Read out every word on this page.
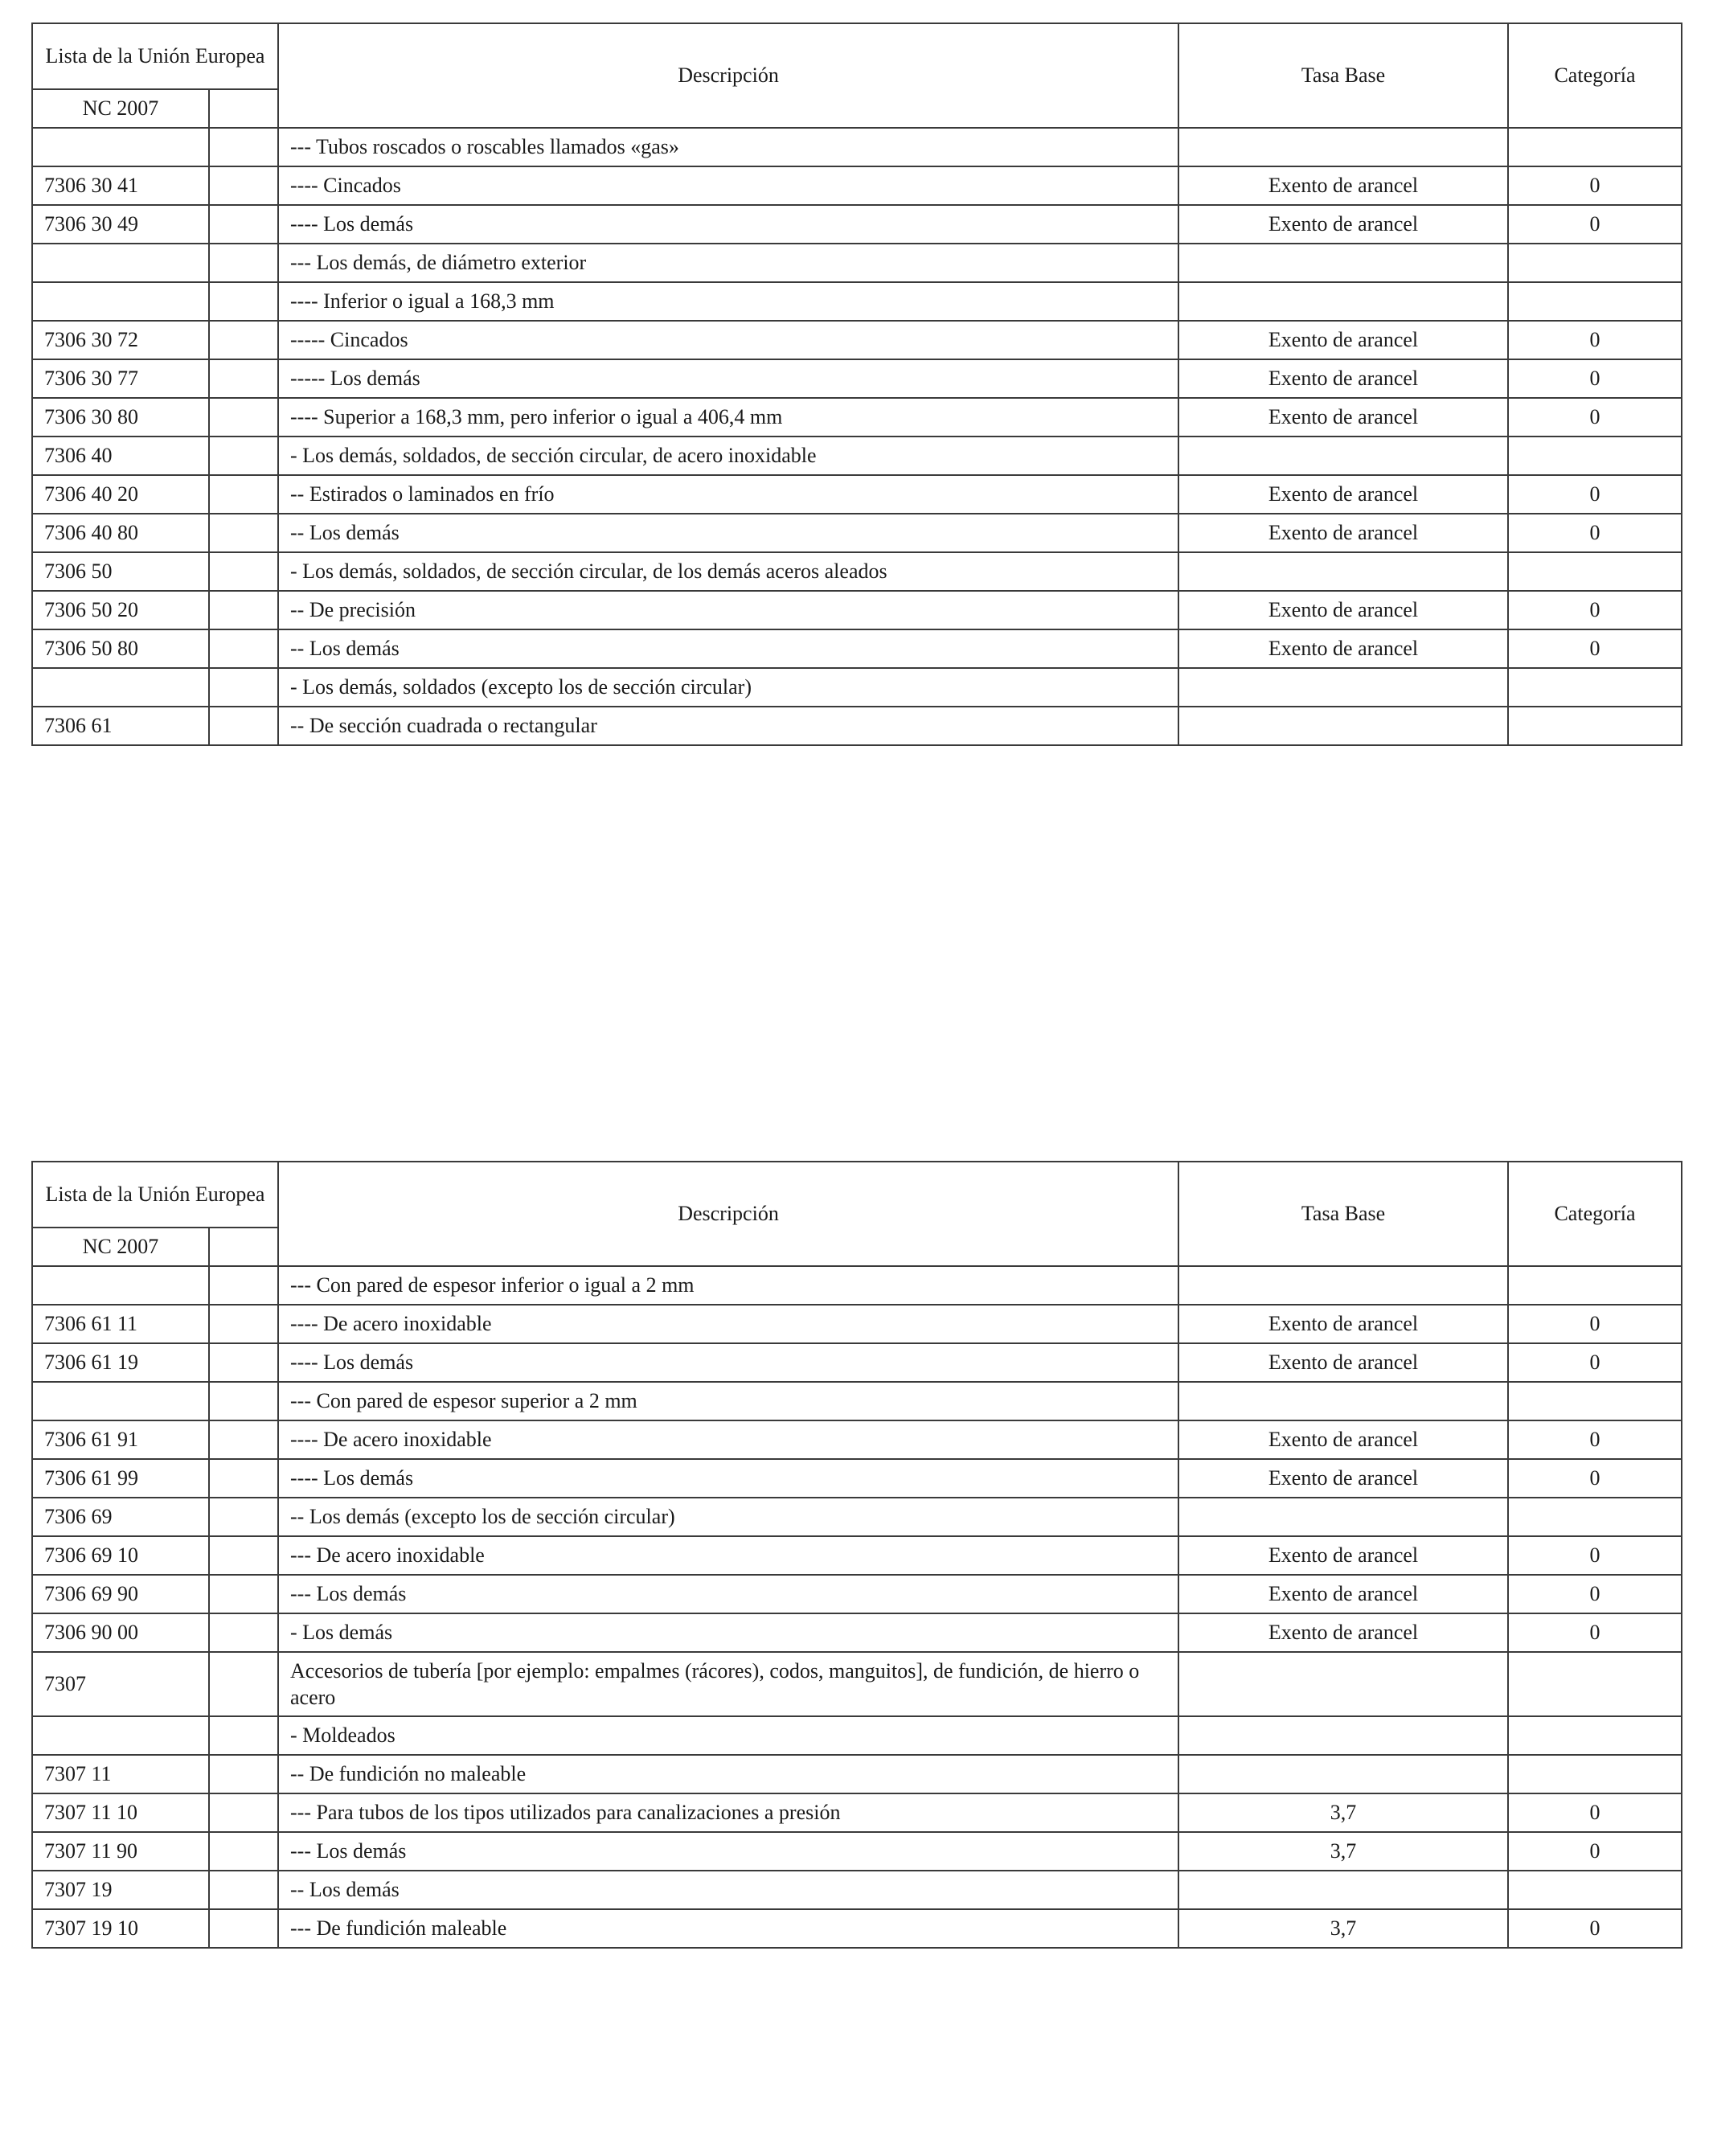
Lista de la Unión Europea		Descripción	Tasa Base	Categoría
NC 2007				
		--- Tubos roscados o roscables llamados «gas»		
7306 30 41		---- Cincados	Exento de arancel	0
7306 30 49		---- Los demás	Exento de arancel	0
		--- Los demás, de diámetro exterior		
		---- Inferior o igual a 168,3 mm		
7306 30 72		----- Cincados	Exento de arancel	0
7306 30 77		----- Los demás	Exento de arancel	0
7306 30 80		---- Superior a 168,3 mm, pero inferior o igual a 406,4 mm	Exento de arancel	0
7306 40		- Los demás, soldados, de sección circular, de acero inoxidable		
7306 40 20		-- Estirados o laminados en frío	Exento de arancel	0
7306 40 80		-- Los demás	Exento de arancel	0
7306 50		- Los demás, soldados, de sección circular, de los demás aceros aleados		
7306 50 20		-- De precisión	Exento de arancel	0
7306 50 80		-- Los demás	Exento de arancel	0
		- Los demás, soldados (excepto los de sección circular)		
7306 61		-- De sección cuadrada o rectangular		
Lista de la Unión Europea		Descripción	Tasa Base	Categoría
NC 2007				
		--- Con pared de espesor inferior o igual a 2 mm		
7306 61 11		---- De acero inoxidable	Exento de arancel	0
7306 61 19		---- Los demás	Exento de arancel	0
		--- Con pared de espesor superior a 2 mm		
7306 61 91		---- De acero inoxidable	Exento de arancel	0
7306 61 99		---- Los demás	Exento de arancel	0
7306 69		-- Los demás (excepto los de sección circular)		
7306 69 10		--- De acero inoxidable	Exento de arancel	0
7306 69 90		--- Los demás	Exento de arancel	0
7306 90 00		- Los demás	Exento de arancel	0
7307		Accesorios de tubería [por ejemplo: empalmes (rácores), codos, manguitos], de fundición, de hierro o acero		
		- Moldeados		
7307 11		-- De fundición no maleable		
7307 11 10		--- Para tubos de los tipos utilizados para canalizaciones a presión	3,7	0
7307 11 90		--- Los demás	3,7	0
7307 19		-- Los demás		
7307 19 10		--- De fundición maleable	3,7	0
